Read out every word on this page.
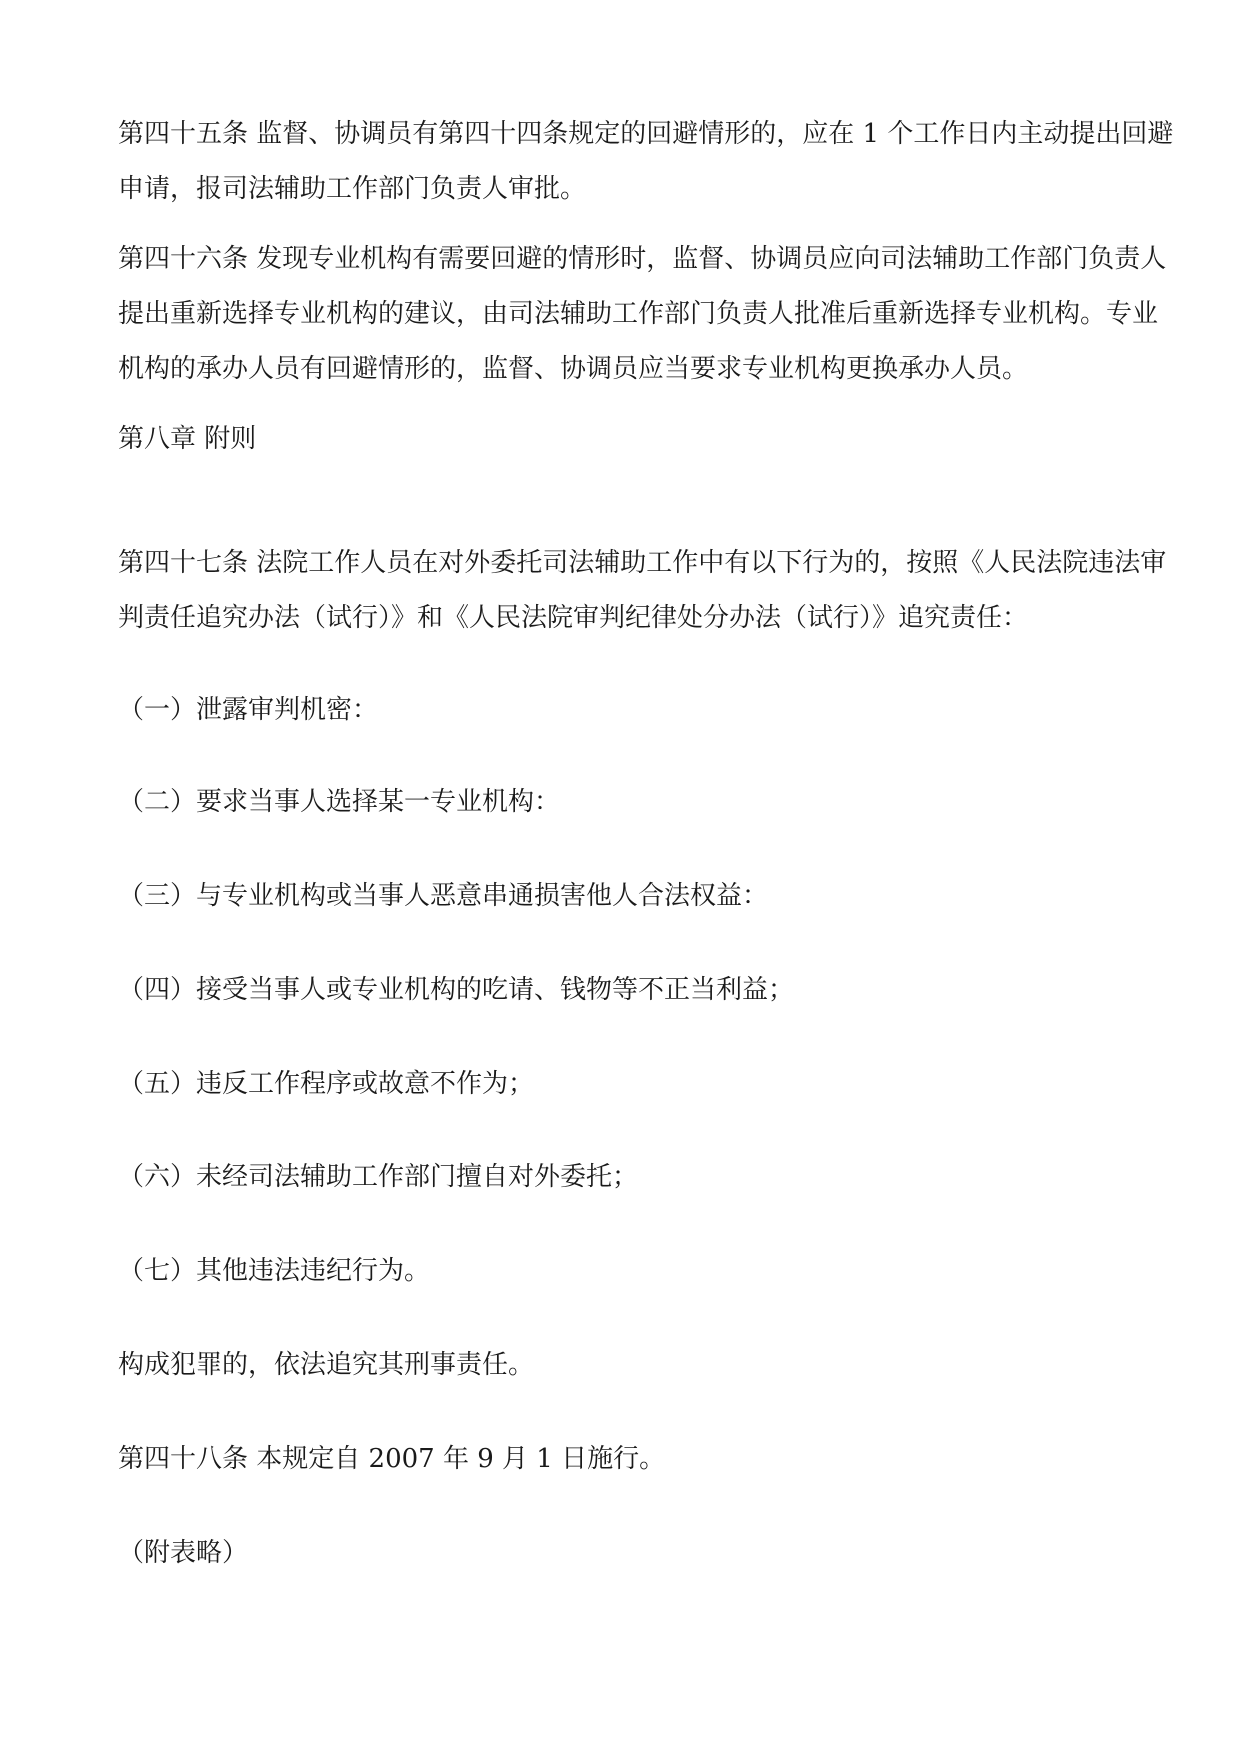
第四十五条 监督、协调员有第四十四条规定的回避情形的，应在 1 个工作日内主动提出回避
申请，报司法辅助工作部门负责人审批。
第四十六条 发现专业机构有需要回避的情形时，监督、协调员应向司法辅助工作部门负责人
提出重新选择专业机构的建议，由司法辅助工作部门负责人批准后重新选择专业机构。专业
机构的承办人员有回避情形的，监督、协调员应当要求专业机构更换承办人员。
第八章 附则
第四十七条 法院工作人员在对外委托司法辅助工作中有以下行为的，按照《人民法院违法审
判责任追究办法（试行）》和《人民法院审判纪律处分办法（试行）》追究责任：
（一）泄露审判机密：
（二）要求当事人选择某一专业机构：
（三）与专业机构或当事人恶意串通损害他人合法权益：
（四）接受当事人或专业机构的吃请、钱物等不正当利益；
（五）违反工作程序或故意不作为；
（六）未经司法辅助工作部门擅自对外委托；
（七）其他违法违纪行为。
构成犯罪的，依法追究其刑事责任。
第四十八条 本规定自 2007 年 9 月 1 日施行。
（附表略）
